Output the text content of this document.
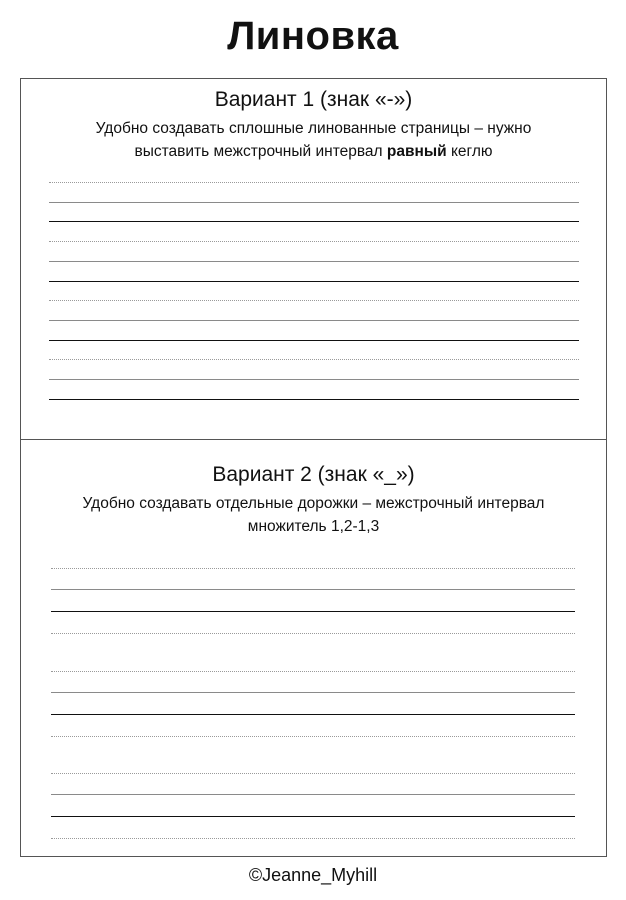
Линовка
Вариант 1 (знак «-»)
Удобно создавать сплошные линованные страницы – нужно
выставить межстрочный интервал равный кеглю
Вариант 2 (знак «_»)
Удобно создавать отдельные дорожки – межстрочный интервал
множитель 1,2-1,3
©Jeanne_Myhill
